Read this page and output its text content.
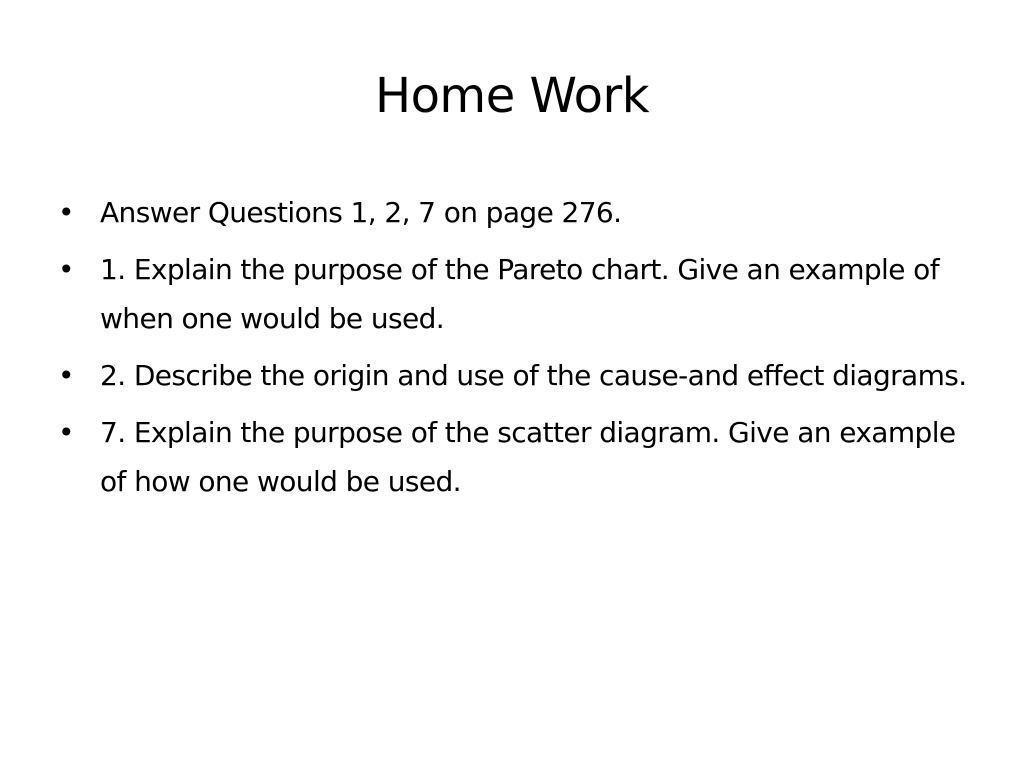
Home Work
• Answer Questions 1, 2, 7 on page 276.
• 1. Explain the purpose of the Pareto chart. Give an example of when one would be used.
• 2. Describe the origin and use of the cause-and effect diagrams.
• 7. Explain the purpose of the scatter diagram. Give an example of how one would be used.
